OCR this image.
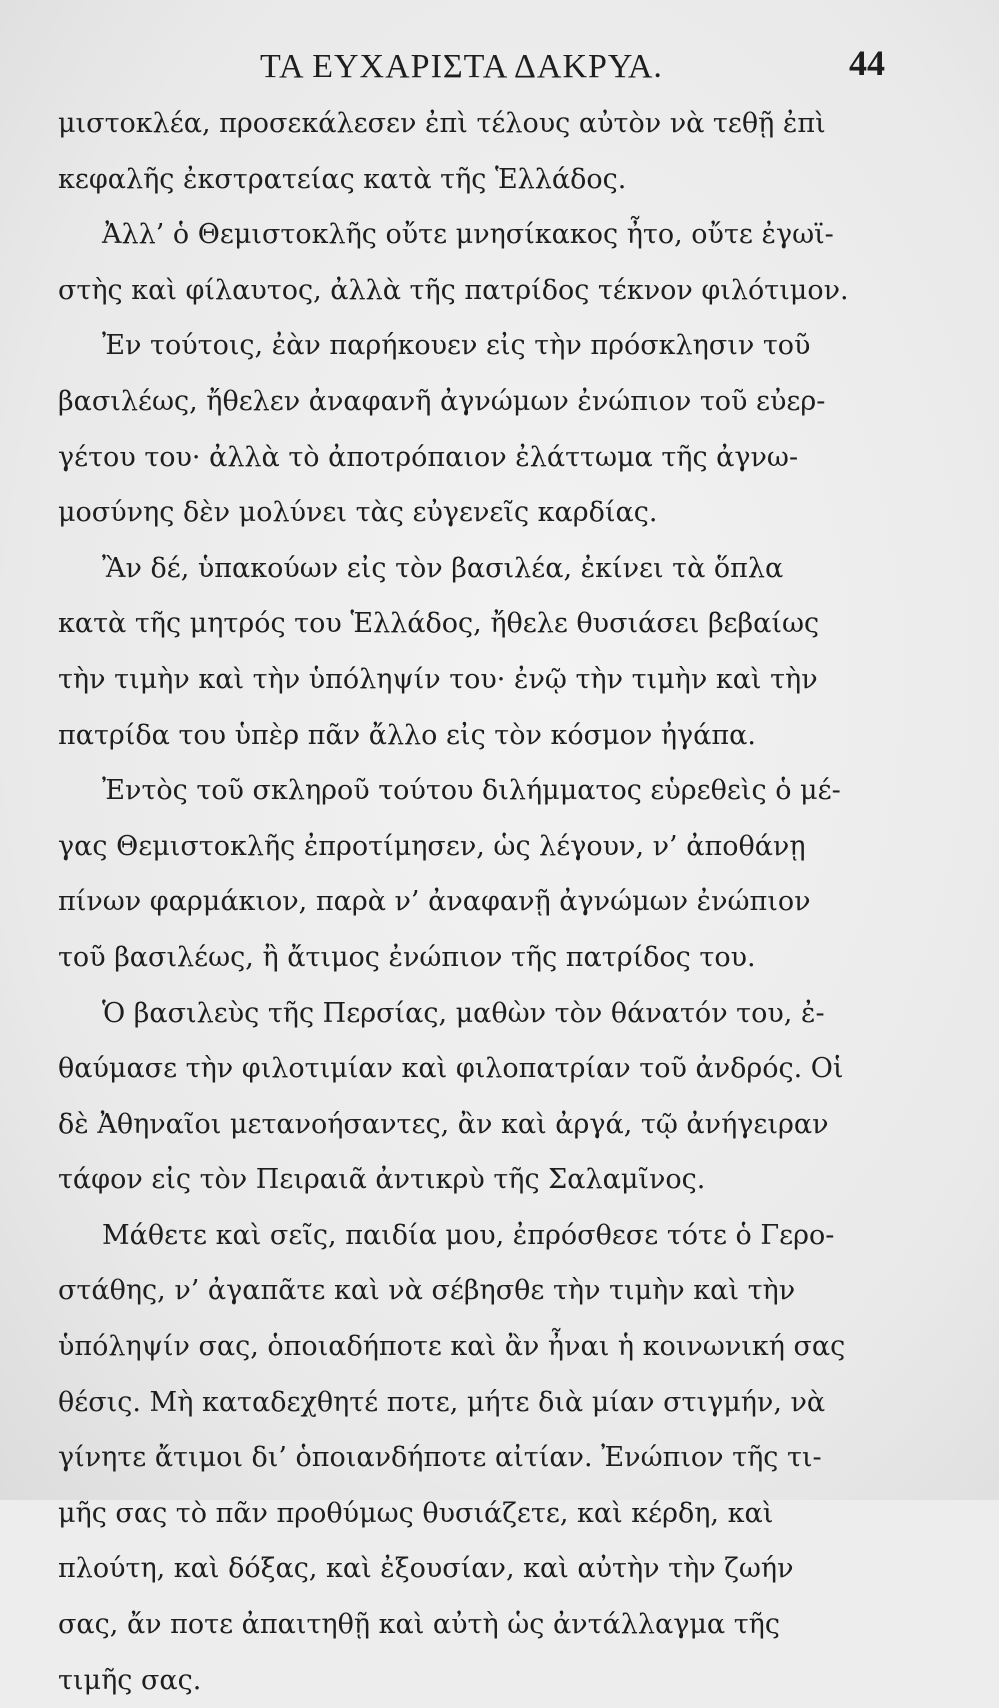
ΤΑ ΕΥΧΑΡΙΣΤΑ ΔΑΚΡΥΑ.	44
μιστοκλέα, προσεκάλεσεν ἐπὶ τέλους αὐτὸν νὰ τεθῇ ἐπὶ
κεφαλῆς ἐκστρατείας κατὰ τῆς Ἑλλάδος.
Ἀλλ’ ὁ Θεμιστοκλῆς οὔτε μνησίκακος ἦτο, οὔτε ἐγωϊ-
στὴς καὶ φίλαυτος, ἀλλὰ τῆς πατρίδος τέκνον φιλότιμον.
Ἐν τούτοις, ἐὰν παρήκουεν εἰς τὴν πρόσκλησιν τοῦ
βασιλέως, ἤθελεν ἀναφανῆ ἀγνώμων ἐνώπιον τοῦ εὐερ-
γέτου του· ἀλλὰ τὸ ἀποτρόπαιον ἐλάττωμα τῆς ἀγνω-
μοσύνης δὲν μολύνει τὰς εὐγενεῖς καρδίας.
Ἂν δέ, ὑπακούων εἰς τὸν βασιλέα, ἐκίνει τὰ ὅπλα
κατὰ τῆς μητρός του Ἑλλάδος, ἤθελε θυσιάσει βεβαίως
τὴν τιμὴν καὶ τὴν ὑπόληψίν του· ἐνῷ τὴν τιμὴν καὶ τὴν
πατρίδα του ὑπὲρ πᾶν ἄλλο εἰς τὸν κόσμον ἠγάπα.
Ἐντὸς τοῦ σκληροῦ τούτου διλήμματος εὑρεθεὶς ὁ μέ-
γας Θεμιστοκλῆς ἐπροτίμησεν, ὡς λέγουν, ν’ ἀποθάνῃ
πίνων φαρμάκιον, παρὰ ν’ ἀναφανῇ ἀγνώμων ἐνώπιον
τοῦ βασιλέως, ἢ ἄτιμος ἐνώπιον τῆς πατρίδος του.
Ὁ βασιλεὺς τῆς Περσίας, μαθὼν τὸν θάνατόν του, ἐ-
θαύμασε τὴν φιλοτιμίαν καὶ φιλοπατρίαν τοῦ ἀνδρός. Οἱ
δὲ Ἀθηναῖοι μετανοήσαντες, ἂν καὶ ἀργά, τῷ ἀνήγειραν
τάφον εἰς τὸν Πειραιᾶ ἀντικρὺ τῆς Σαλαμῖνος.
Μάθετε καὶ σεῖς, παιδία μου, ἐπρόσθεσε τότε ὁ Γερο-
στάθης, ν’ ἀγαπᾶτε καὶ νὰ σέβησθε τὴν τιμὴν καὶ τὴν
ὑπόληψίν σας, ὁποιαδήποτε καὶ ἂν ἦναι ἡ κοινωνική σας
θέσις. Μὴ καταδεχθητέ ποτε, μήτε διὰ μίαν στιγμήν, νὰ
γίνητε ἄτιμοι δι’ ὁποιανδήποτε αἰτίαν. Ἐνώπιον τῆς τι-
μῆς σας τὸ πᾶν προθύμως θυσιάζετε, καὶ κέρδη, καὶ
πλούτη, καὶ δόξας, καὶ ἐξουσίαν, καὶ αὐτὴν τὴν ζωήν
σας, ἄν ποτε ἀπαιτηθῇ καὶ αὐτὴ ὡς ἀντάλλαγμα τῆς
τιμῆς σας.
